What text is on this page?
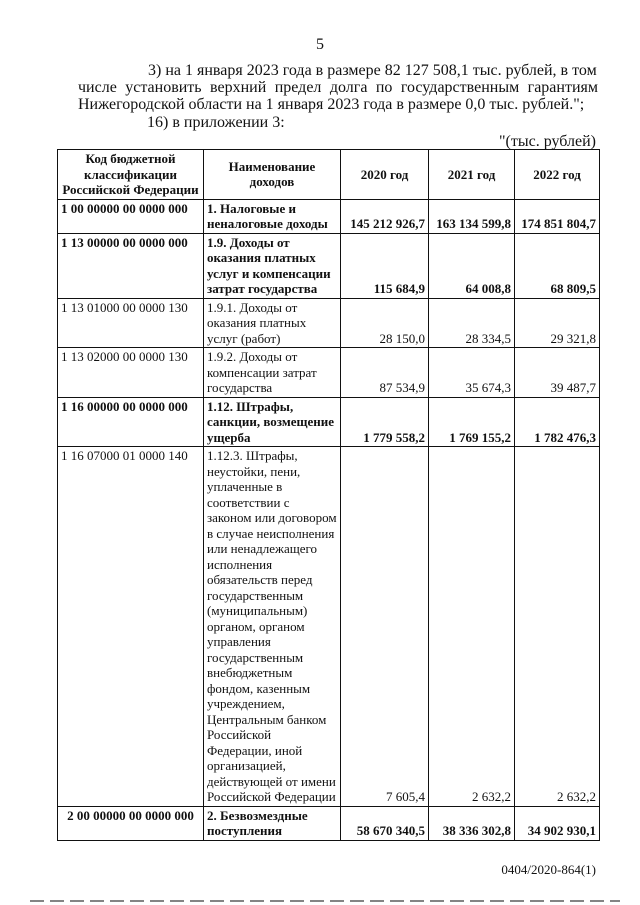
5
3) на 1 января 2023 года в размере 82 127 508,1 тыс. рублей, в том
числе установить верхний предел долга по государственным гарантиям Нижегородской области на 1 января 2023 года в размере 0,0 тыс. рублей.";
16) в приложении 3:
"(тыс. рублей)
Код бюджетной классификации Российской Федерации	Наименование доходов	2020 год	2021 год	2022 год
1 00 00000 00 0000 000	1. Налоговые и неналоговые доходы	145 212 926,7	163 134 599,8	174 851 804,7
1 13 00000 00 0000 000	1.9. Доходы от оказания платных услуг и компенсации затрат государства	115 684,9	64 008,8	68 809,5
1 13 01000 00 0000 130	1.9.1. Доходы от оказания платных услуг (работ)	28 150,0	28 334,5	29 321,8
1 13 02000 00 0000 130	1.9.2. Доходы от компенсации затрат государства	87 534,9	35 674,3	39 487,7
1 16 00000 00 0000 000	1.12. Штрафы, санкции, возмещение ущерба	1 779 558,2	1 769 155,2	1 782 476,3
1 16 07000 01 0000 140	1.12.3. Штрафы, неустойки, пени, уплаченные в соответствии с законом или договором в случае неисполнения или ненадлежащего исполнения обязательств перед государственным (муниципальным) органом, органом управления государственным внебюджетным фондом, казенным учреждением, Центральным банком Российской Федерации, иной организацией, действующей от имени Российской Федерации	7 605,4	2 632,2	2 632,2
2 00 00000 00 0000 000	2. Безвозмездные поступления	58 670 340,5	38 336 302,8	34 902 930,1
0404/2020-864(1)
